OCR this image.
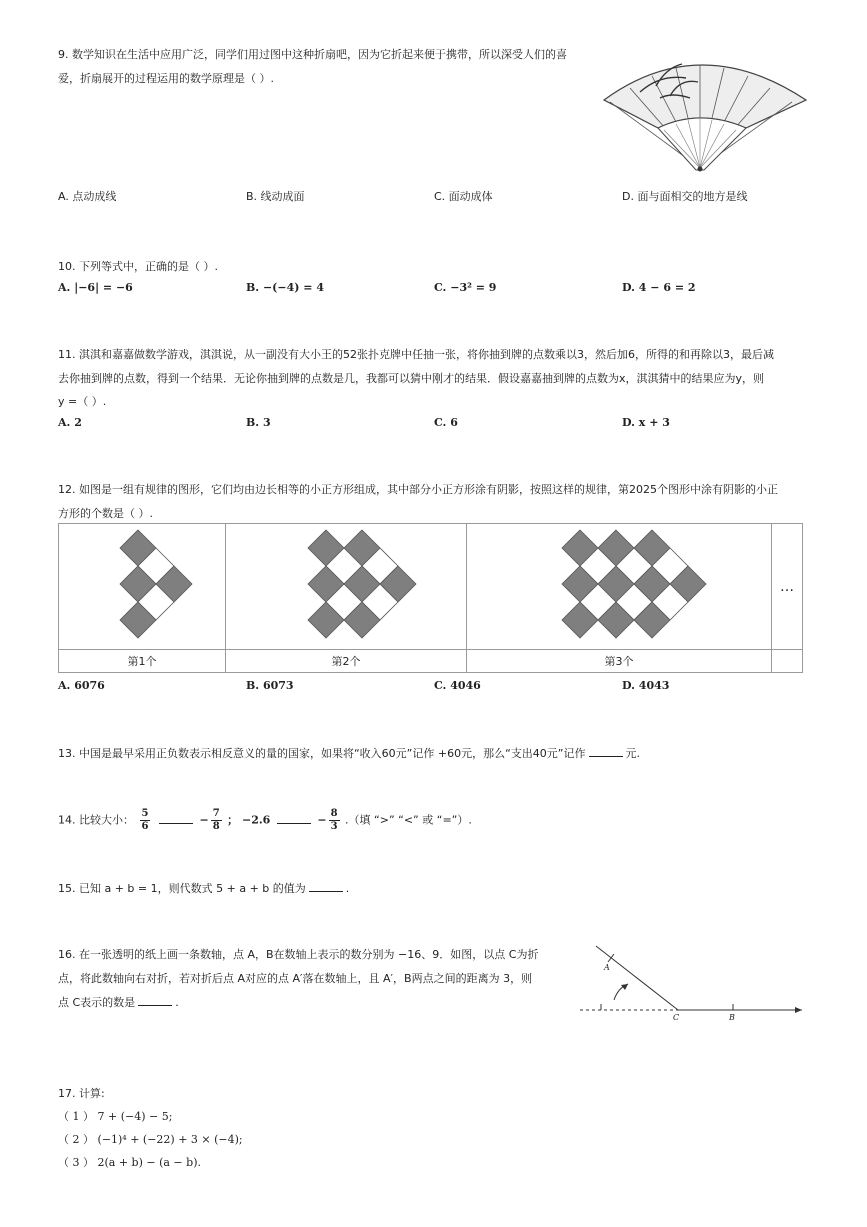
9. 数学知识在生活中应用广泛，同学们用过图中这种折扇吧，因为它折起来便于携带，所以深受人们的喜
爱，折扇展开的过程运用的数学原理是（ ）.
A. 点动成线	B. 线动成面	C. 面动成体	D. 面与面相交的地方是线
10. 下列等式中，正确的是（ ）.
A. |−6| = −6	B. −(−4) = 4	C. −3² = 9	D. 4 − 6 = 2
11. 淇淇和嘉嘉做数学游戏，淇淇说，从一副没有大小王的52张扑克牌中任抽一张，将你抽到牌的点数乘以3，然后加6，所得的和再除以3，最后减
去你抽到牌的点数，得到一个结果．无论你抽到牌的点数是几，我都可以猜中刚才的结果．假设嘉嘉抽到牌的点数为x，淇淇猜中的结果应为y，则
y =（ ）.
A. 2	B. 3	C. 6	D. x + 3
12. 如图是一组有规律的图形，它们均由边长相等的小正方形组成，其中部分小正方形涂有阴影，按照这样的规律，第2025个图形中涂有阴影的小正
方形的个数是（ ）.
			…
第1个	第2个	第3个	
A. 6076	B. 6073	C. 4046	D. 4043
13. 中国是最早采用正负数表示相反意义的量的国家，如果将“收入60元”记作 +60元，那么“支出40元”记作	元.
14. 比较大小： $\frac{5}{6}$	− $\frac{7}{8}$ ； −2.6	− $\frac{8}{3}$ .（填 “>” “<” 或 “=”）.
15. 已知 a + b = 1，则代数式 5 + a + b 的值为	.
16. 在一张透明的纸上画一条数轴，点 A，B在数轴上表示的数分别为 −16、9．如图，以点 C为折
点，将此数轴向右对折，若对折后点 A对应的点 A′落在数轴上，且 A′，B两点之间的距离为 3，则
点 C表示的数是	.
A
C	B
17. 计算:
（ 1 ） 7 + (−4) − 5;
（ 2 ） (−1)⁴ + (−22) + 3 × (−4);
（ 3 ） 2(a + b) − (a − b).
